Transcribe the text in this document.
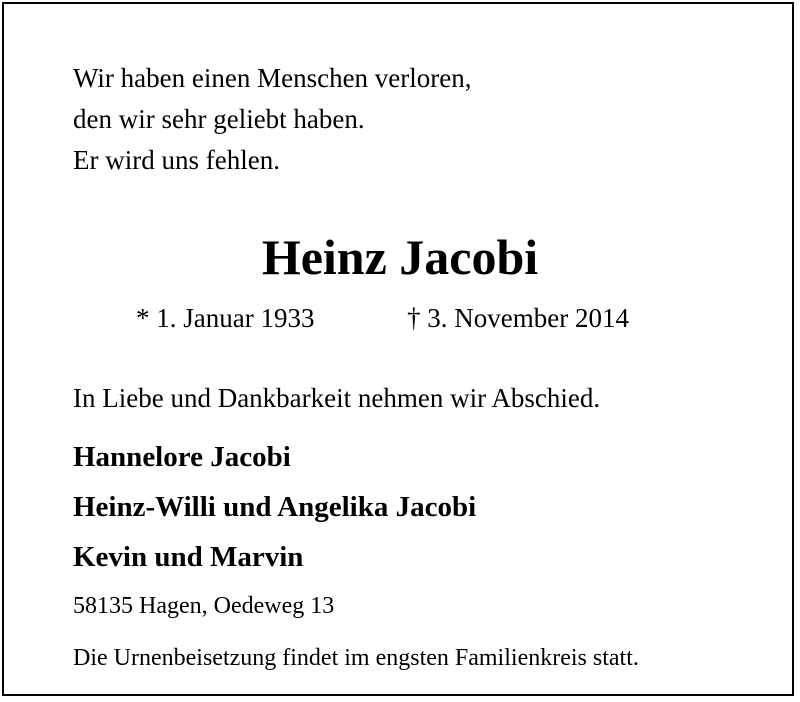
Wir haben einen Menschen verloren,
den wir sehr geliebt haben.
Er wird uns fehlen.
Heinz Jacobi
* 1. Januar 1933	† 3. November 2014
In Liebe und Dankbarkeit nehmen wir Abschied.
Hannelore Jacobi
Heinz-Willi und Angelika Jacobi
Kevin und Marvin
58135 Hagen, Oedeweg 13
Die Urnenbeisetzung findet im engsten Familienkreis statt.
